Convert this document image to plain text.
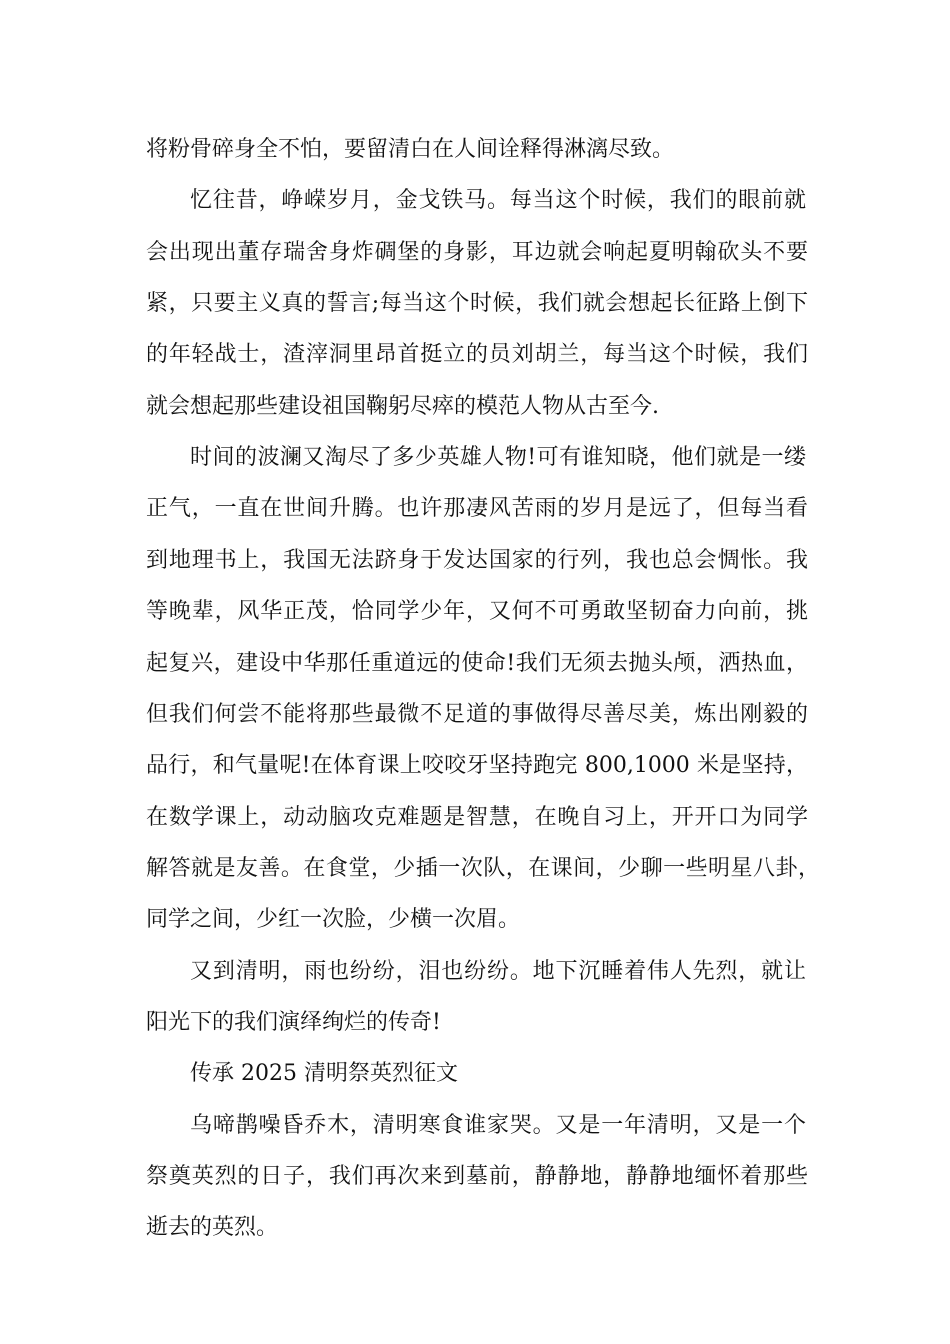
将粉骨碎身全不怕，要留清白在人间诠释得淋漓尽致。
忆往昔，峥嵘岁月，金戈铁马。每当这个时候，我们的眼前就
会出现出董存瑞舍身炸碉堡的身影，耳边就会响起夏明翰砍头不要
紧，只要主义真的誓言;每当这个时候，我们就会想起长征路上倒下
的年轻战士，渣滓洞里昂首挺立的员刘胡兰，每当这个时候，我们
就会想起那些建设祖国鞠躬尽瘁的模范人物从古至今.
时间的波澜又淘尽了多少英雄人物!可有谁知晓，他们就是一缕
正气，一直在世间升腾。也许那凄风苦雨的岁月是远了，但每当看
到地理书上，我国无法跻身于发达国家的行列，我也总会惆怅。我
等晚辈，风华正茂，恰同学少年，又何不可勇敢坚韧奋力向前，挑
起复兴，建设中华那任重道远的使命!我们无须去抛头颅，洒热血，
但我们何尝不能将那些最微不足道的事做得尽善尽美，炼出刚毅的
品行，和气量呢!在体育课上咬咬牙坚持跑完 800,1000 米是坚持，
在数学课上，动动脑攻克难题是智慧，在晚自习上，开开口为同学
解答就是友善。在食堂，少插一次队，在课间，少聊一些明星八卦，
同学之间，少红一次脸，少横一次眉。
又到清明，雨也纷纷，泪也纷纷。地下沉睡着伟人先烈，就让
阳光下的我们演绎绚烂的传奇!
传承 2025 清明祭英烈征文
乌啼鹊噪昏乔木，清明寒食谁家哭。又是一年清明，又是一个
祭奠英烈的日子，我们再次来到墓前，静静地，静静地缅怀着那些
逝去的英烈。
